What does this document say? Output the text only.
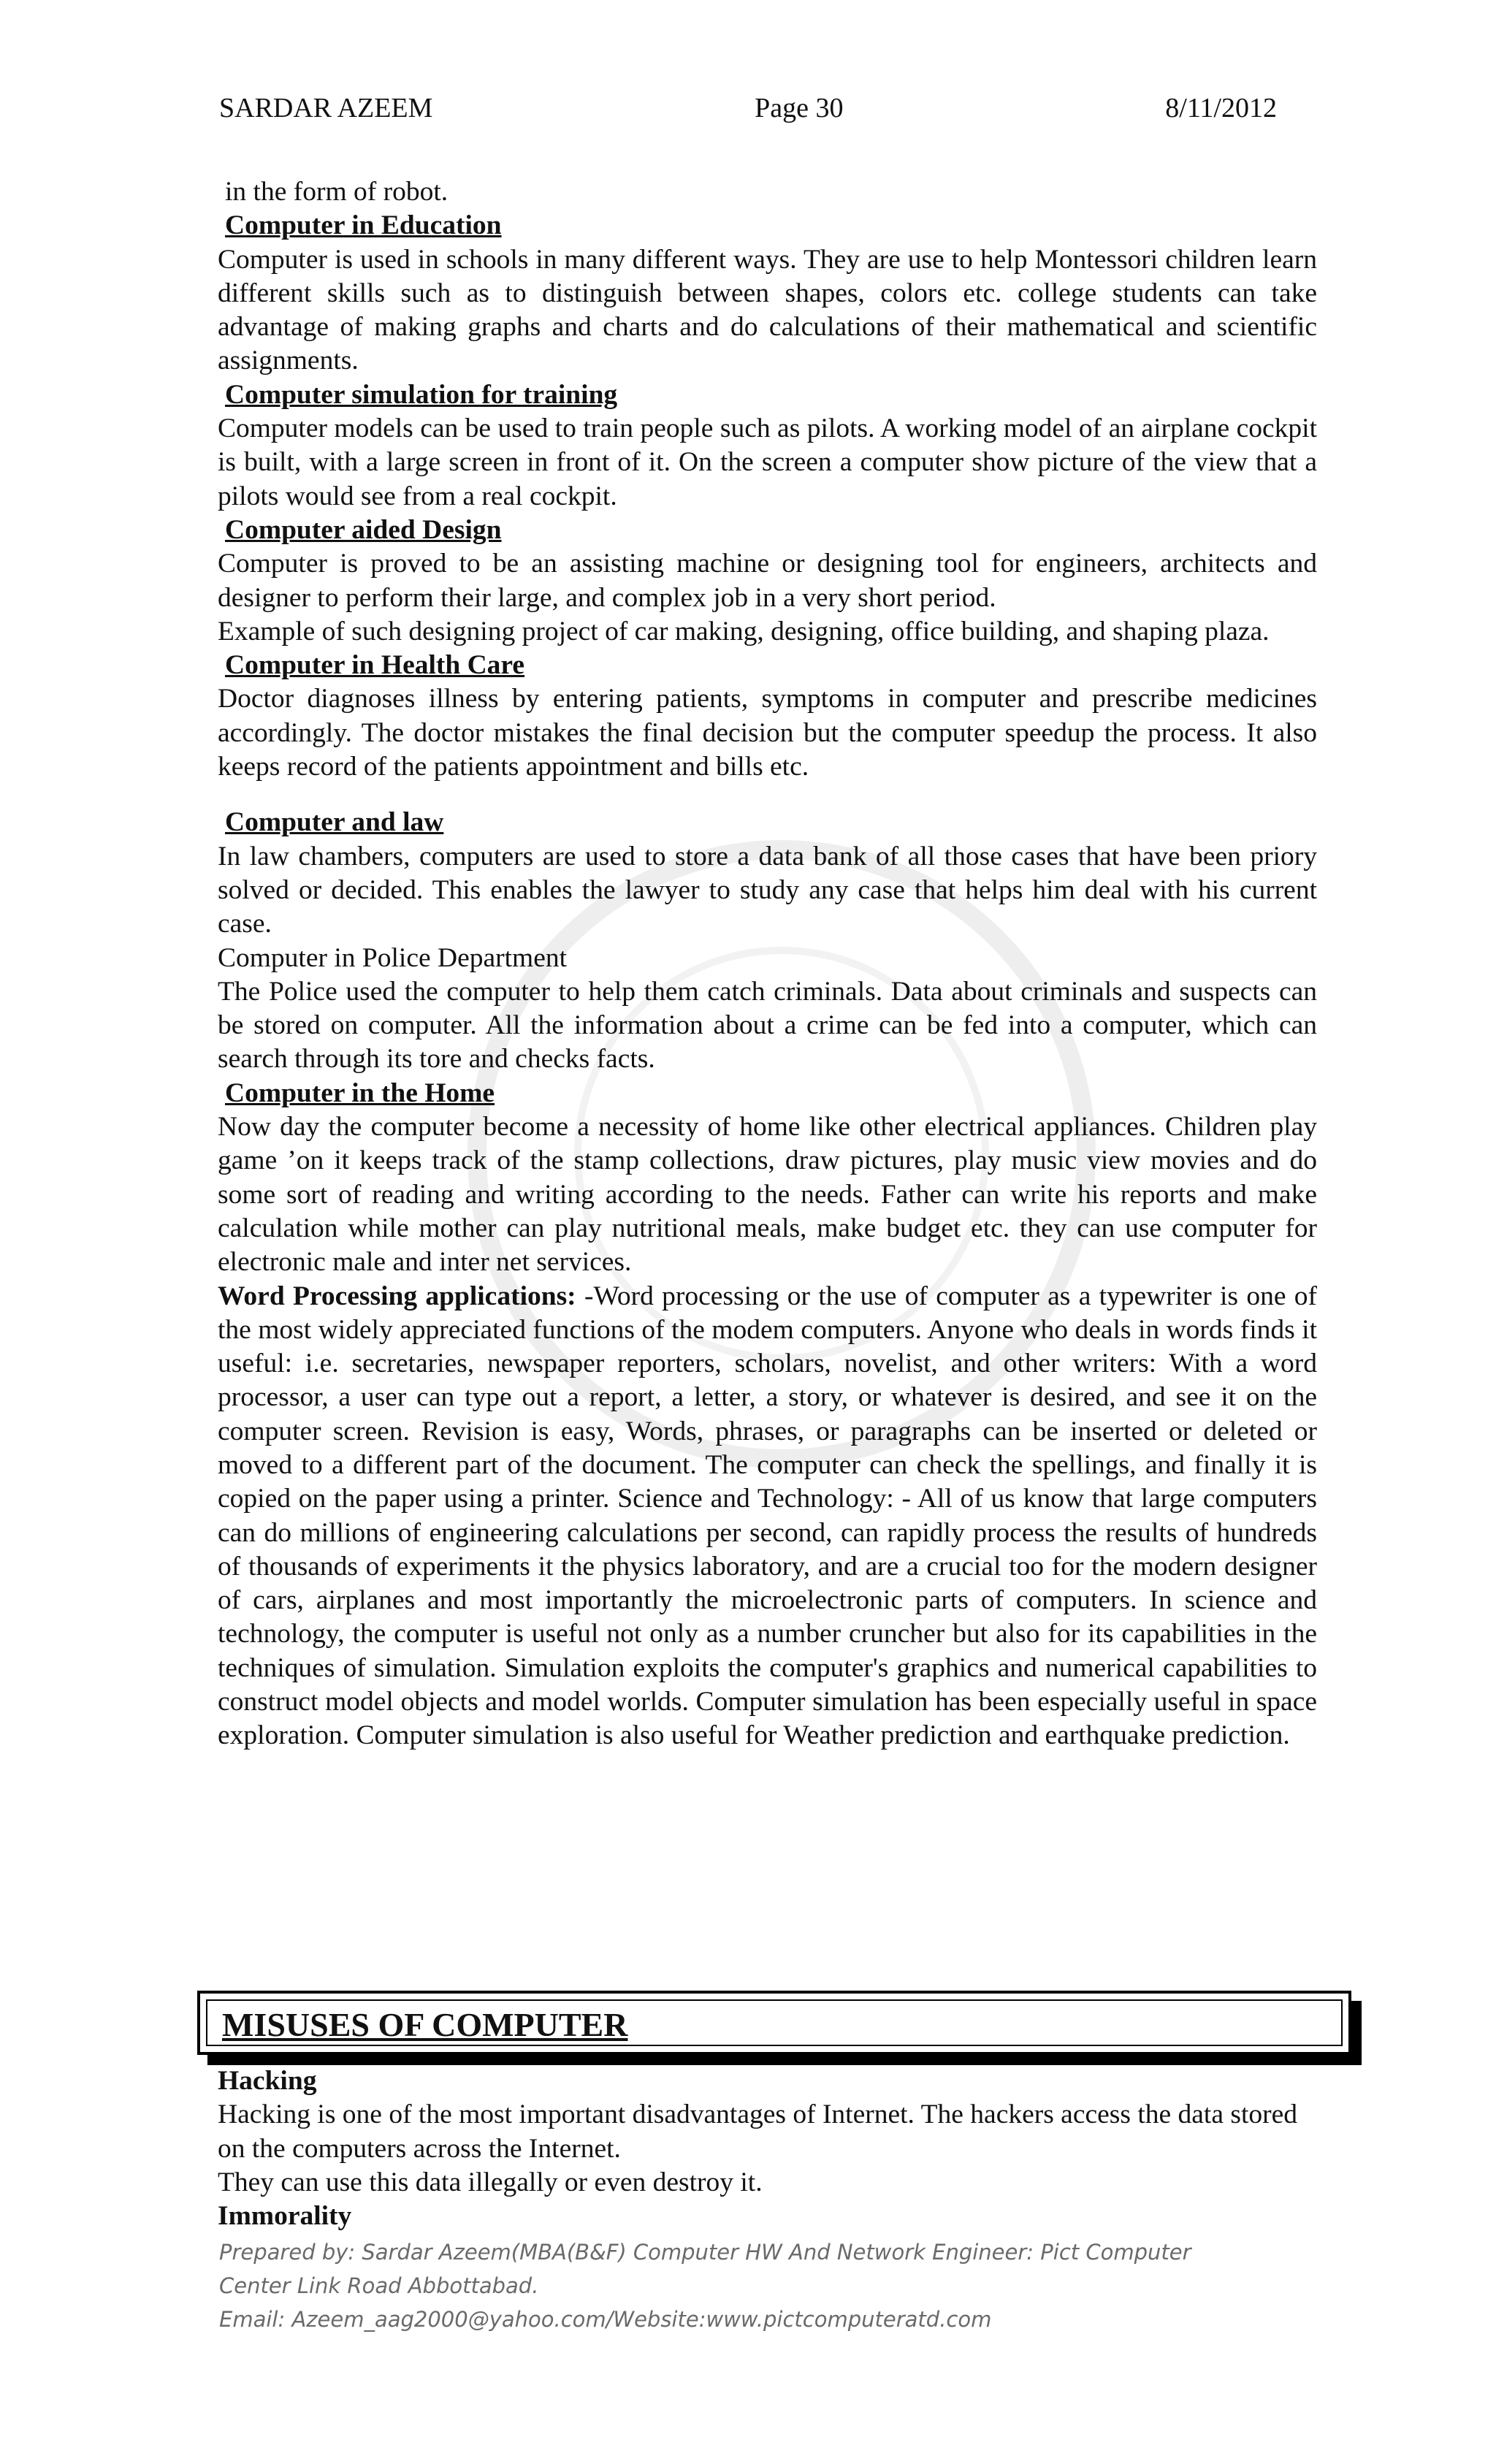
SARDAR AZEEM	Page 30	8/11/2012

in the form of robot.

Computer in Education

Computer is used in schools in many different ways. They are use to help Montessori children learn different skills such as to distinguish between shapes, colors etc. college students can take advantage of making graphs and charts and do calculations of their mathematical and scientific assignments.

Computer simulation for training

Computer models can be used to train people such as pilots. A working model of an airplane cockpit is built, with a large screen in front of it. On the screen a computer show picture of the view that a pilots would see from a real cockpit.

Computer aided Design

Computer is proved to be an assisting machine or designing tool for engineers, architects and designer to perform their large, and complex job in a very short period.

Example of such designing project of car making, designing, office building, and shaping plaza.

Computer in Health Care

Doctor diagnoses illness by entering patients, symptoms in computer and prescribe medicines accordingly. The doctor mistakes the final decision but the computer speedup the process. It also keeps record of the patients appointment and bills etc.

Computer and law

In law chambers, computers are used to store a data bank of all those cases that have been priory solved or decided. This enables the lawyer to study any case that helps him deal with his current case.

Computer in Police Department

The Police used the computer to help them catch criminals. Data about criminals and suspects can be stored on computer. All the information about a crime can be fed into a computer, which can search through its tore and checks facts.

Computer in the Home

Now day the computer become a necessity of home like other electrical appliances. Children play game ’on it keeps track of the stamp collections, draw pictures, play music view movies and do some sort of reading and writing according to the needs. Father can write his reports and make calculation while mother can play nutritional meals, make budget etc. they can use computer for electronic male and inter net services.

Word Processing applications: -Word processing or the use of computer as a typewriter is one of the most widely appreciated functions of the modem computers. Anyone who deals in words finds it useful: i.e. secretaries, newspaper reporters, scholars, novelist, and other writers: With a word processor, a user can type out a report, a letter, a story, or whatever is desired, and see it on the computer screen. Revision is easy, Words, phrases, or paragraphs can be inserted or deleted or moved to a different part of the document. The computer can check the spellings, and finally it is copied on the paper using a printer. Science and Technology: - All of us know that large computers can do millions of engineering calculations per second, can rapidly process the results of hundreds of thousands of experiments it the physics laboratory, and are a crucial too for the modern designer of cars, airplanes and most importantly the microelectronic parts of computers. In science and technology, the computer is useful not only as a number cruncher but also for its capabilities in the techniques of simulation. Simulation exploits the computer's graphics and numerical capabilities to construct model objects and model worlds. Computer simulation has been especially useful in space exploration. Computer simulation is also useful for Weather prediction and earthquake prediction.

MISUSES OF COMPUTER

Hacking

Hacking is one of the most important disadvantages of Internet. The hackers access the data stored on the computers across the Internet.

They can use this data illegally or even destroy it.

Immorality

Prepared by: Sardar Azeem(MBA(B&F) Computer HW And Network Engineer: Pict Computer

Center Link Road Abbottabad.

Email: Azeem_aag2000@yahoo.com/Website:www.pictcomputeratd.com
